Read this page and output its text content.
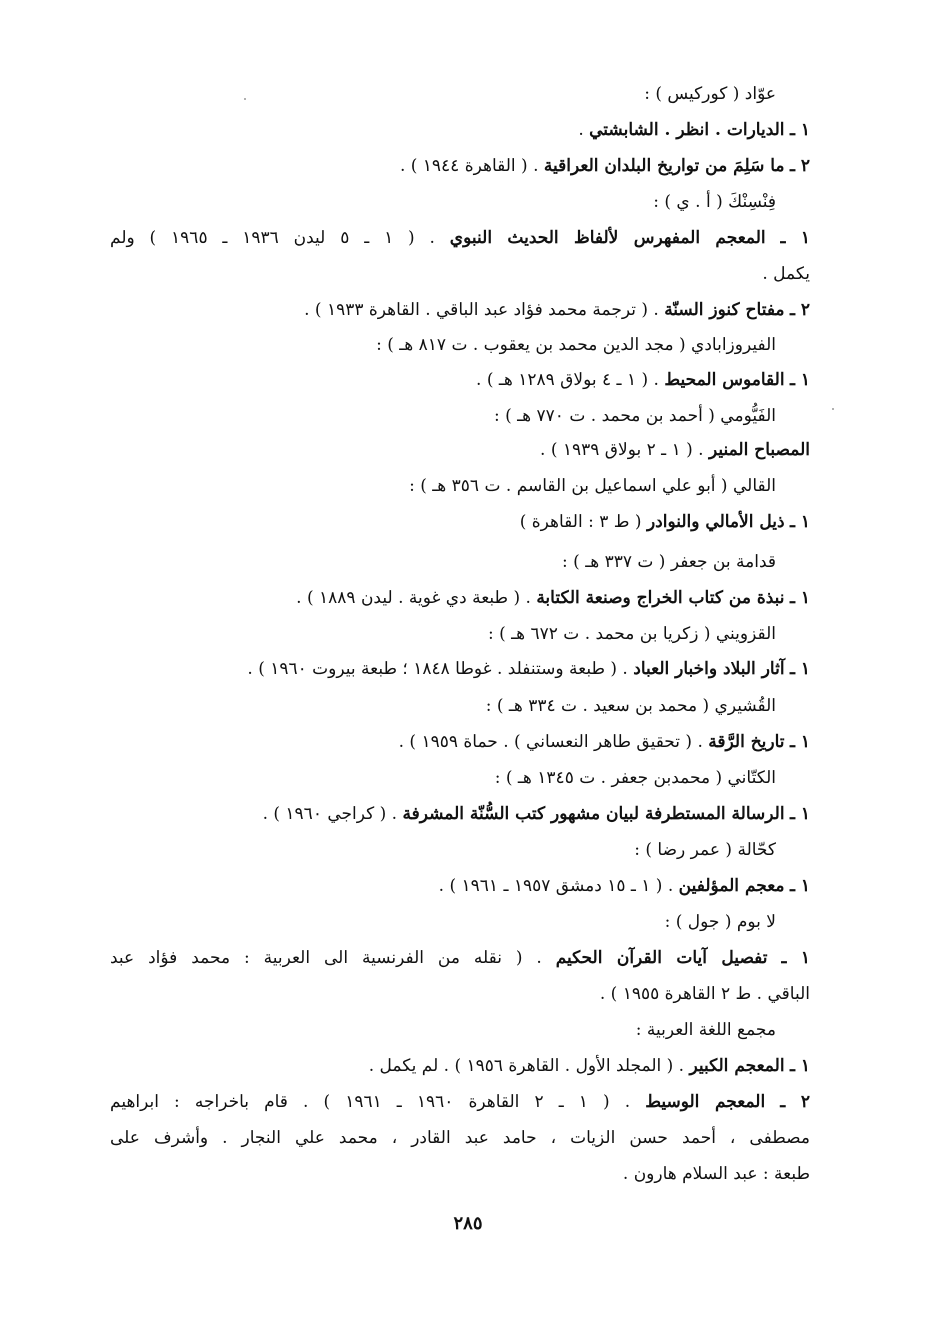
عوّاد ( كوركيس ) :
١ ـ الديارات . انظر . الشابشتي .
٢ ـ ما سَلِمَ من تواريخ البلدان العراقية . ( القاهرة ١٩٤٤ ) .
فِنْسِنْكَ ( أ . ي ) :
١ ـ المعجم المفهرس لألفاظ الحديث النبوي . ( ١ ـ ٥ ليدن ١٩٣٦ ـ ١٩٦٥ ) ولم
يكمل .
٢ ـ مفتاح كنوز السنّة . ( ترجمة محمد فؤاد عبد الباقي . القاهرة ١٩٣٣ ) .
الفيروزابادي ( مجد الدين محمد بن يعقوب . ت ٨١٧ هـ ) :
١ ـ القاموس المحيط . ( ١ ـ ٤ بولاق ١٢٨٩ هـ ) .
الفَيُّومي ( أحمد بن محمد . ت ٧٧٠ هـ ) :
المصباح المنير . ( ١ ـ ٢ بولاق ١٩٣٩ ) .
القالي ( أبو علي اسماعيل بن القاسم . ت ٣٥٦ هـ ) :
١ ـ ذيل الأمالي والنوادر ( ط ٣ : القاهرة )
قدامة بن جعفر ( ت ٣٣٧ هـ ) :
١ ـ نبذة من كتاب الخراج وصنعة الكتابة . ( طبعة دي غوية . ليدن ١٨٨٩ ) .
القزويني ( زكريا بن محمد . ت ٦٧٢ هـ ) :
١ ـ آثار البلاد واخبار العباد . ( طبعة وستنفلد . غوطا ١٨٤٨ ؛ طبعة بيروت ١٩٦٠ ) .
القُشيري ( محمد بن سعيد . ت ٣٣٤ هـ ) :
١ ـ تاريخ الرَّقة . ( تحقيق طاهر النعساني ) . حماة ١٩٥٩ ) .
الكتّاني ( محمدبن جعفر . ت ١٣٤٥ هـ ) :
١ ـ الرسالة المستطرفة لبيان مشهور كتب السُّنّة المشرفة . ( كراجي ١٩٦٠ ) .
كحّالة ( عمر رضا ) :
١ ـ معجم المؤلفين . ( ١ ـ ١٥ دمشق ١٩٥٧ ـ ١٩٦١ ) .
لا بوم ( جول ) :
١ ـ تفصيل آيات القرآن الحكيم . ( نقله من الفرنسية الى العربية : محمد فؤاد عبد
الباقي . ط ٢ القاهرة ١٩٥٥ ) .
مجمع اللغة العربية :
١ ـ المعجم الكبير . ( المجلد الأول . القاهرة ١٩٥٦ ) . لم يكمل .
٢ ـ المعجم الوسيط . ( ١ ـ ٢ القاهرة ١٩٦٠ ـ ١٩٦١ ) . قام باخراجه : ابراهيم
مصطفى ، أحمد حسن الزيات ، حامد عبد القادر ، محمد علي النجار . وأشرف على
طبعة : عبد السلام هارون .
٢٨٥
